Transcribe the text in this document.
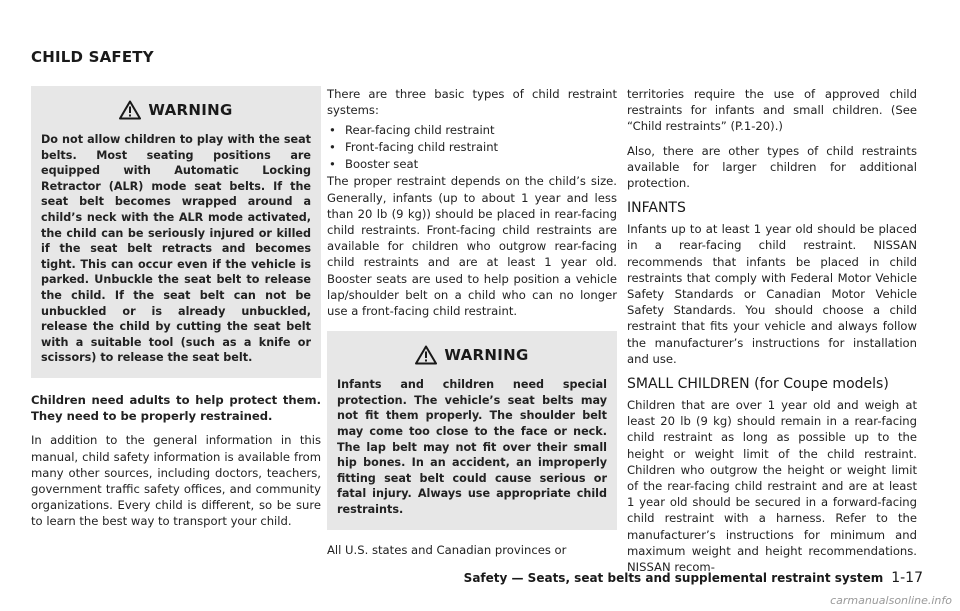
CHILD SAFETY
WARNING
Do not allow children to play with the seat belts. Most seating positions are equipped with Automatic Locking Retractor (ALR) mode seat belts. If the seat belt becomes wrapped around a child’s neck with the ALR mode activated, the child can be seriously injured or killed if the seat belt retracts and becomes tight. This can occur even if the vehicle is parked. Unbuckle the seat belt to release the child. If the seat belt can not be unbuckled or is already unbuckled, release the child by cutting the seat belt with a suitable tool (such as a knife or scissors) to release the seat belt.

Children need adults to help protect them. They need to be properly restrained.

In addition to the general information in this manual, child safety information is available from many other sources, including doctors, teachers, government traffic safety offices, and community organizations. Every child is different, so be sure to learn the best way to transport your child.

There are three basic types of child restraint systems:

• Rear-facing child restraint
• Front-facing child restraint
• Booster seat

The proper restraint depends on the child’s size. Generally, infants (up to about 1 year and less than 20 lb (9 kg)) should be placed in rear-facing child restraints. Front-facing child restraints are available for children who outgrow rear-facing child restraints and are at least 1 year old. Booster seats are used to help position a vehicle lap/shoulder belt on a child who can no longer use a front-facing child restraint.

WARNING
Infants and children need special protection. The vehicle’s seat belts may not fit them properly. The shoulder belt may come too close to the face or neck. The lap belt may not fit over their small hip bones. In an accident, an improperly fitting seat belt could cause serious or fatal injury. Always use appropriate child restraints.

All U.S. states and Canadian provinces or

territories require the use of approved child restraints for infants and small children. (See “Child restraints” (P.1-20).)

Also, there are other types of child restraints available for larger children for additional protection.

INFANTS

Infants up to at least 1 year old should be placed in a rear-facing child restraint. NISSAN recommends that infants be placed in child restraints that comply with Federal Motor Vehicle Safety Standards or Canadian Motor Vehicle Safety Standards. You should choose a child restraint that fits your vehicle and always follow the manufacturer’s instructions for installation and use.

SMALL CHILDREN (for Coupe models)

Children that are over 1 year old and weigh at least 20 lb (9 kg) should remain in a rear-facing child restraint as long as possible up to the height or weight limit of the child restraint. Children who outgrow the height or weight limit of the rear-facing child restraint and are at least 1 year old should be secured in a forward-facing child restraint with a harness. Refer to the manufacturer’s instructions for minimum and maximum weight and height recommendations. NISSAN recom-

Safety — Seats, seat belts and supplemental restraint system 1-17
carmanualsonline.info
